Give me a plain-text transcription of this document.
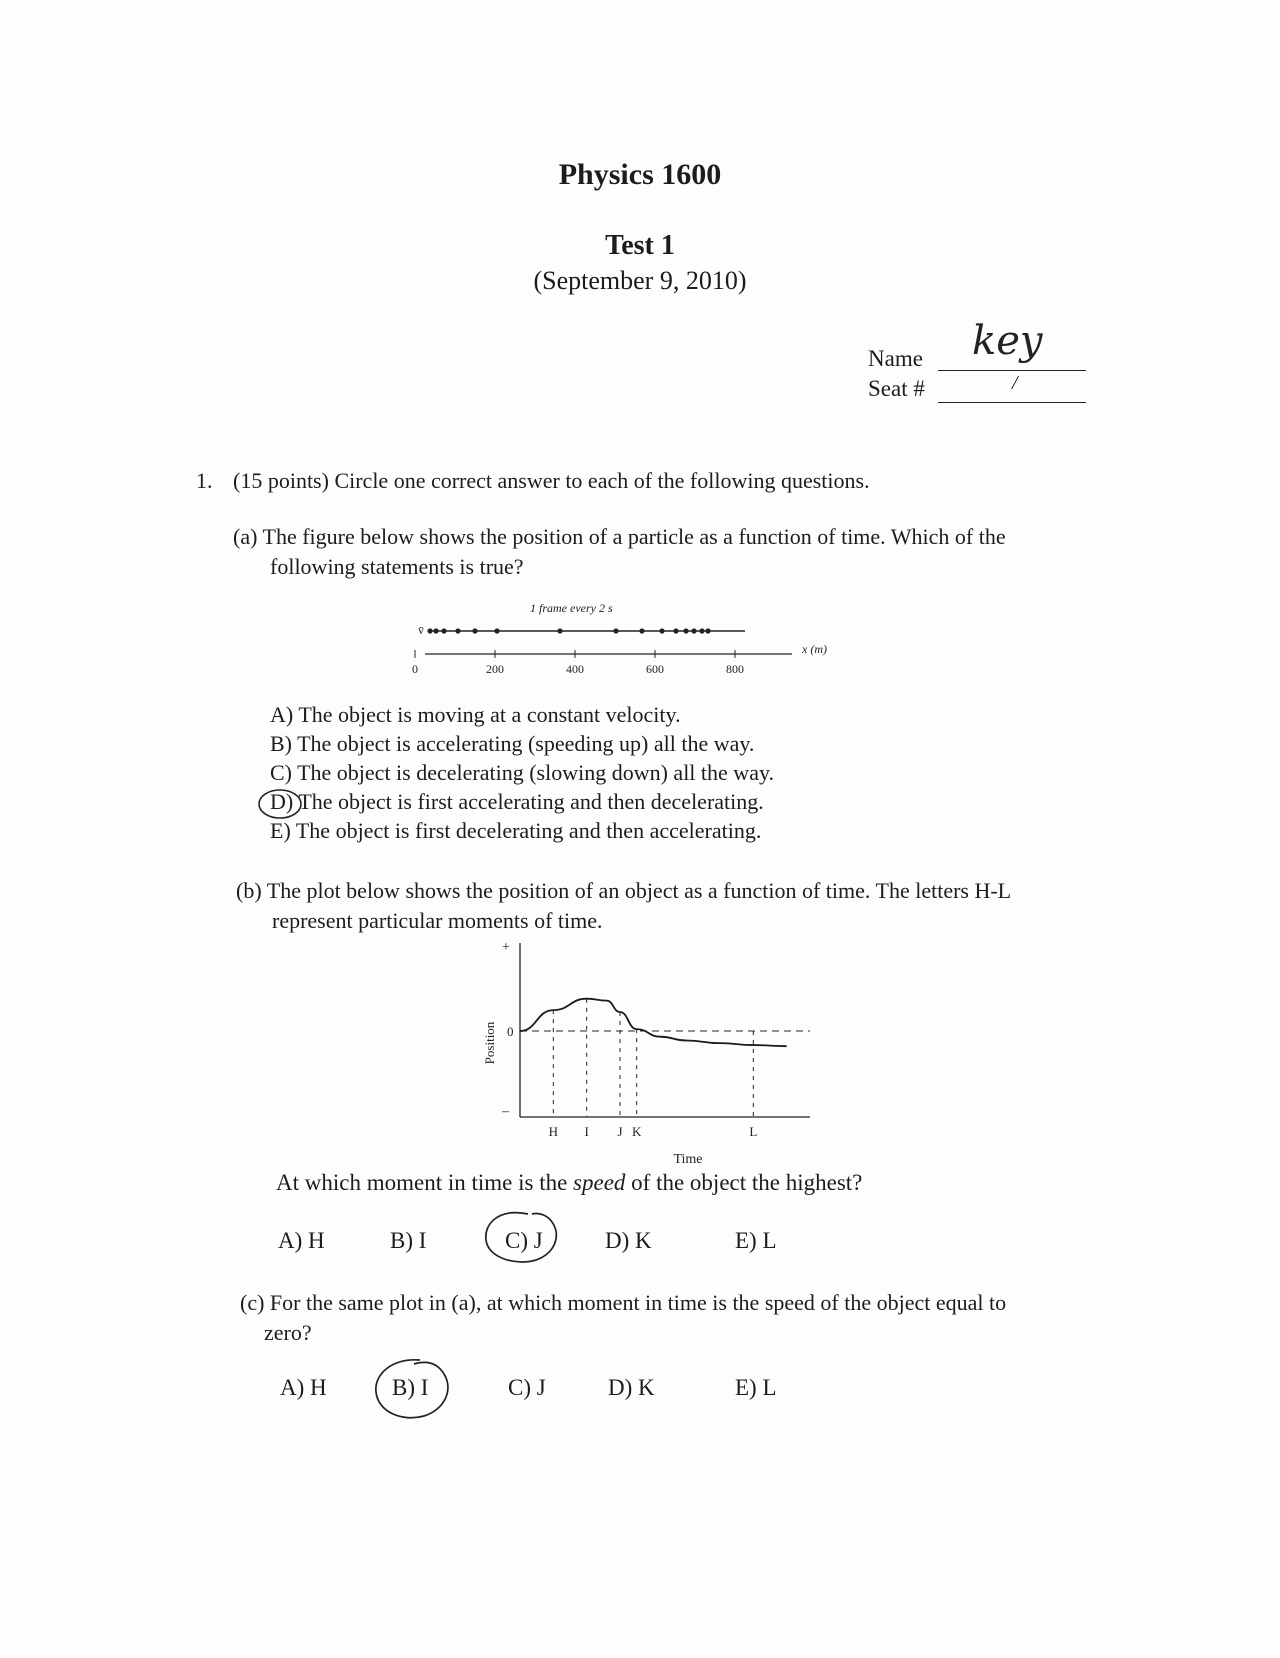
Physics 1600
Test 1
(September 9, 2010)
Name key
Seat #	/
1. (15 points) Circle one correct answer to each of the following questions.
(a) The figure below shows the position of a particle as a function of time. Which of the
following statements is true?
1 frame every 2 s
v̄
0	200	400	600	800
x (m)
A) The object is moving at a constant velocity.
B) The object is accelerating (speeding up) all the way.
C) The object is decelerating (slowing down) all the way.
D) The object is first accelerating and then decelerating.
E) The object is first decelerating and then accelerating.
(b) The plot below shows the position of an object as a function of time. The letters H-L
represent particular moments of time.
+
0
–
Position
Time
H I J K	L
At which moment in time is the speed of the object the highest?
A) H	B) I	C) J	D) K	E) L
(c) For the same plot in (a), at which moment in time is the speed of the object equal to
zero?
A) H	B) I	C) J	D) K	E) L
